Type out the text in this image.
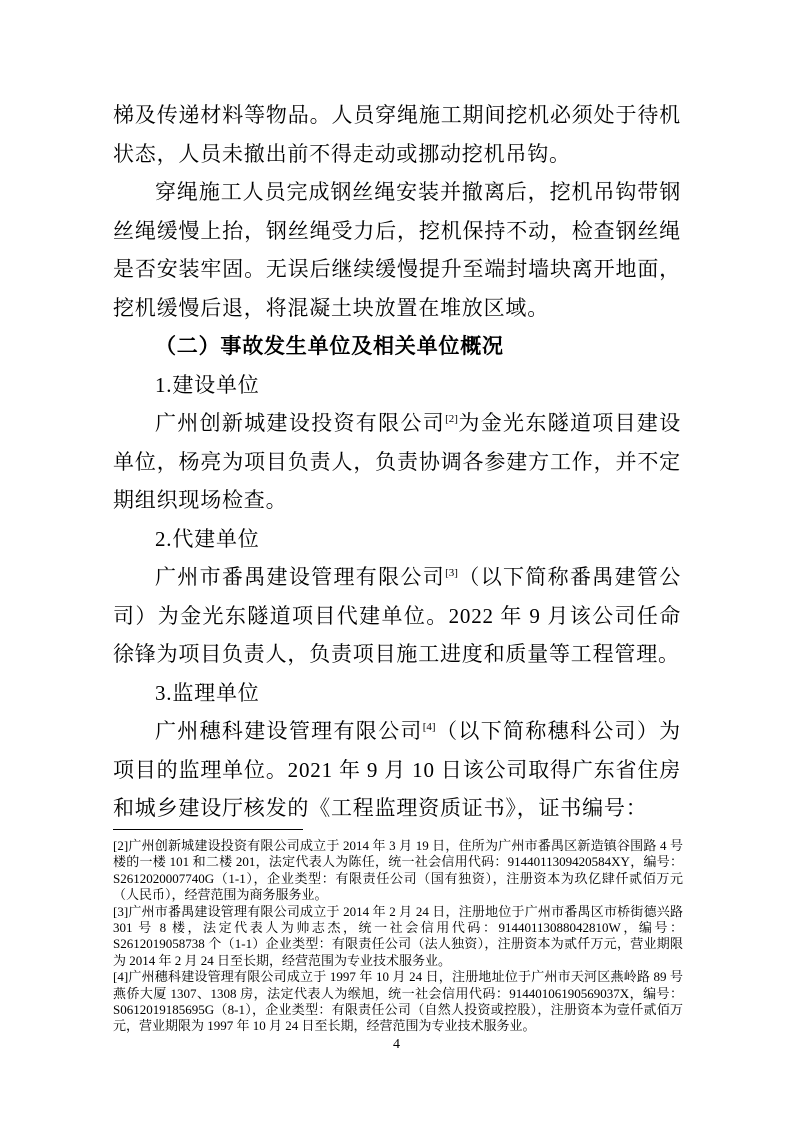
梯及传递材料等物品。人员穿绳施工期间挖机必须处于待机状态，人员未撤出前不得走动或挪动挖机吊钩。

穿绳施工人员完成钢丝绳安装并撤离后，挖机吊钩带钢丝绳缓慢上抬，钢丝绳受力后，挖机保持不动，检查钢丝绳是否安装牢固。无误后继续缓慢提升至端封墙块离开地面，挖机缓慢后退，将混凝土块放置在堆放区域。

（二）事故发生单位及相关单位概况

1.建设单位

广州创新城建设投资有限公司[2]为金光东隧道项目建设单位，杨亮为项目负责人，负责协调各参建方工作，并不定期组织现场检查。

2.代建单位

广州市番禺建设管理有限公司[3]（以下简称番禺建管公司）为金光东隧道项目代建单位。2022 年 9 月该公司任命徐锋为项目负责人，负责项目施工进度和质量等工程管理。

3.监理单位

广州穗科建设管理有限公司[4]（以下简称穗科公司）为项目的监理单位。2021 年 9 月 10 日该公司取得广东省住房和城乡建设厅核发的《工程监理资质证书》，证书编号：

[2]广州创新城建设投资有限公司成立于 2014 年 3 月 19 日，住所为广州市番禺区新造镇谷围路 4 号楼的一楼 101 和二楼 201，法定代表人为陈任，统一社会信用代码：9144011309420584XY，编号：S2612020007740G（1-1），企业类型：有限责任公司（国有独资），注册资本为玖亿肆仟贰佰万元（人民币），经营范围为商务服务业。

[3]广州市番禺建设管理有限公司成立于 2014 年 2 月 24 日，注册地位于广州市番禺区市桥街德兴路 301 号 8 楼，法定代表人为帅志杰，统一社会信用代码：91440113088042810W，编号：S2612019058738 个（1-1）企业类型：有限责任公司（法人独资），注册资本为贰仟万元，营业期限为 2014 年 2 月 24 日至长期，经营范围为专业技术服务业。

[4]广州穗科建设管理有限公司成立于 1997 年 10 月 24 日，注册地址位于广州市天河区燕岭路 89 号燕侨大厦 1307、1308 房，法定代表人为缑旭，统一社会信用代码：91440106190569037X，编号：S0612019185695G（8-1），企业类型：有限责任公司（自然人投资或控股），注册资本为壹仟贰佰万元，营业期限为 1997 年 10 月 24 日至长期，经营范围为专业技术服务业。

4
